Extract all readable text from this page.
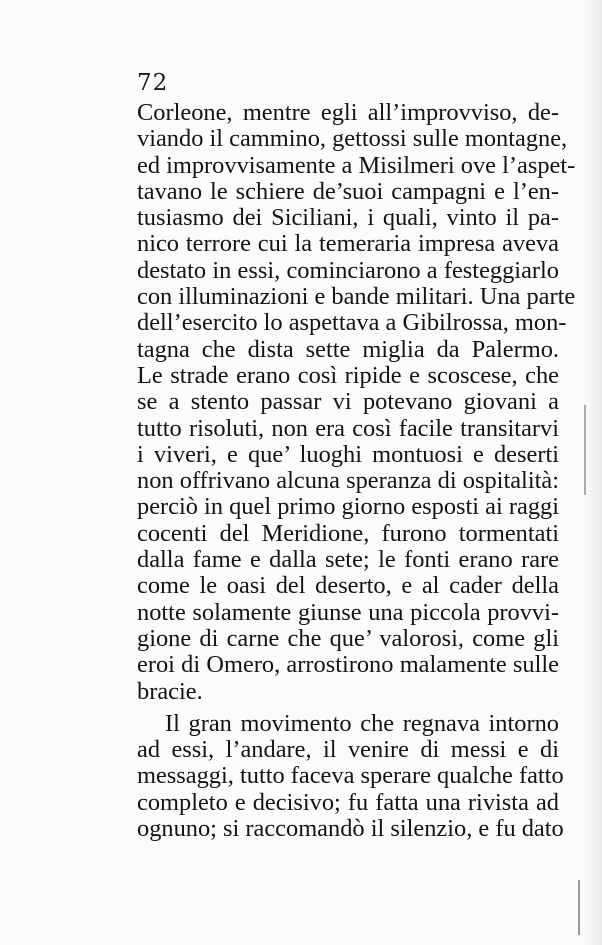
72
Corleone, mentre egli all’improvviso, de-
viando il cammino, gettossi sulle montagne,
ed improvvisamente a Misilmeri ove l’aspet-
tavano le schiere de’suoi campagni e l’en-
tusiasmo dei Siciliani, i quali, vinto il pa-
nico terrore cui la temeraria impresa aveva
destato in essi, cominciarono a festeggiarlo
con illuminazioni e bande militari. Una parte
dell’esercito lo aspettava a Gibilrossa, mon-
tagna che dista sette miglia da Palermo.
Le strade erano così ripide e scoscese, che
se a stento passar vi potevano giovani a
tutto risoluti, non era così facile transitarvi
i viveri, e que’ luoghi montuosi e deserti
non offrivano alcuna speranza di ospitalità:
perciò in quel primo giorno esposti ai raggi
cocenti del Meridione, furono tormentati
dalla fame e dalla sete; le fonti erano rare
come le oasi del deserto, e al cader della
notte solamente giunse una piccola provvi-
gione di carne che que’ valorosi, come gli
eroi di Omero, arrostirono malamente sulle
bracie.
Il gran movimento che regnava intorno
ad essi, l’andare, il venire di messi e di
messaggi, tutto faceva sperare qualche fatto
completo e decisivo; fu fatta una rivista ad
ognuno; si raccomandò il silenzio, e fu dato
